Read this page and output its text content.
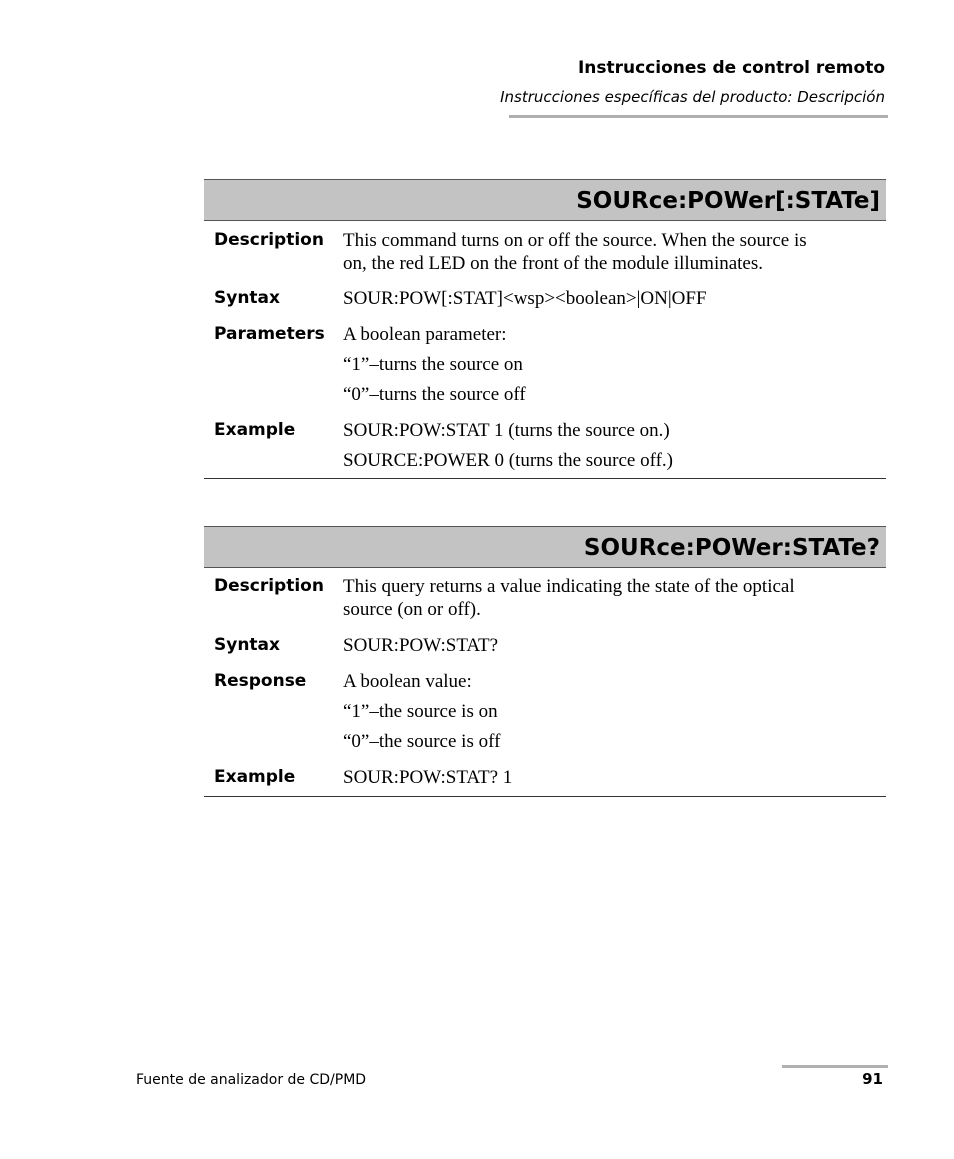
Instrucciones de control remoto
Instrucciones específicas del producto: Descripción
SOURce:POWer[:STATe]
Description This command turns on or off the source. When the source is

on, the red LED on the front of the module illuminates.

Syntax	SOUR:POW[:STAT]<wsp><boolean>|ON|OFF

Parameters A boolean parameter:

“1”–turns the source on

“0”–turns the source off

Example	SOUR:POW:STAT 1 (turns the source on.)

SOURCE:POWER 0 (turns the source off.)

SOURce:POWer:STATe?
Description This query returns a value indicating the state of the optical

source (on or off).

Syntax	SOUR:POW:STAT?

Response A boolean value:

“1”–the source is on

“0”–the source is off

Example	SOUR:POW:STAT? 1

Fuente de analizador de CD/PMD	91
